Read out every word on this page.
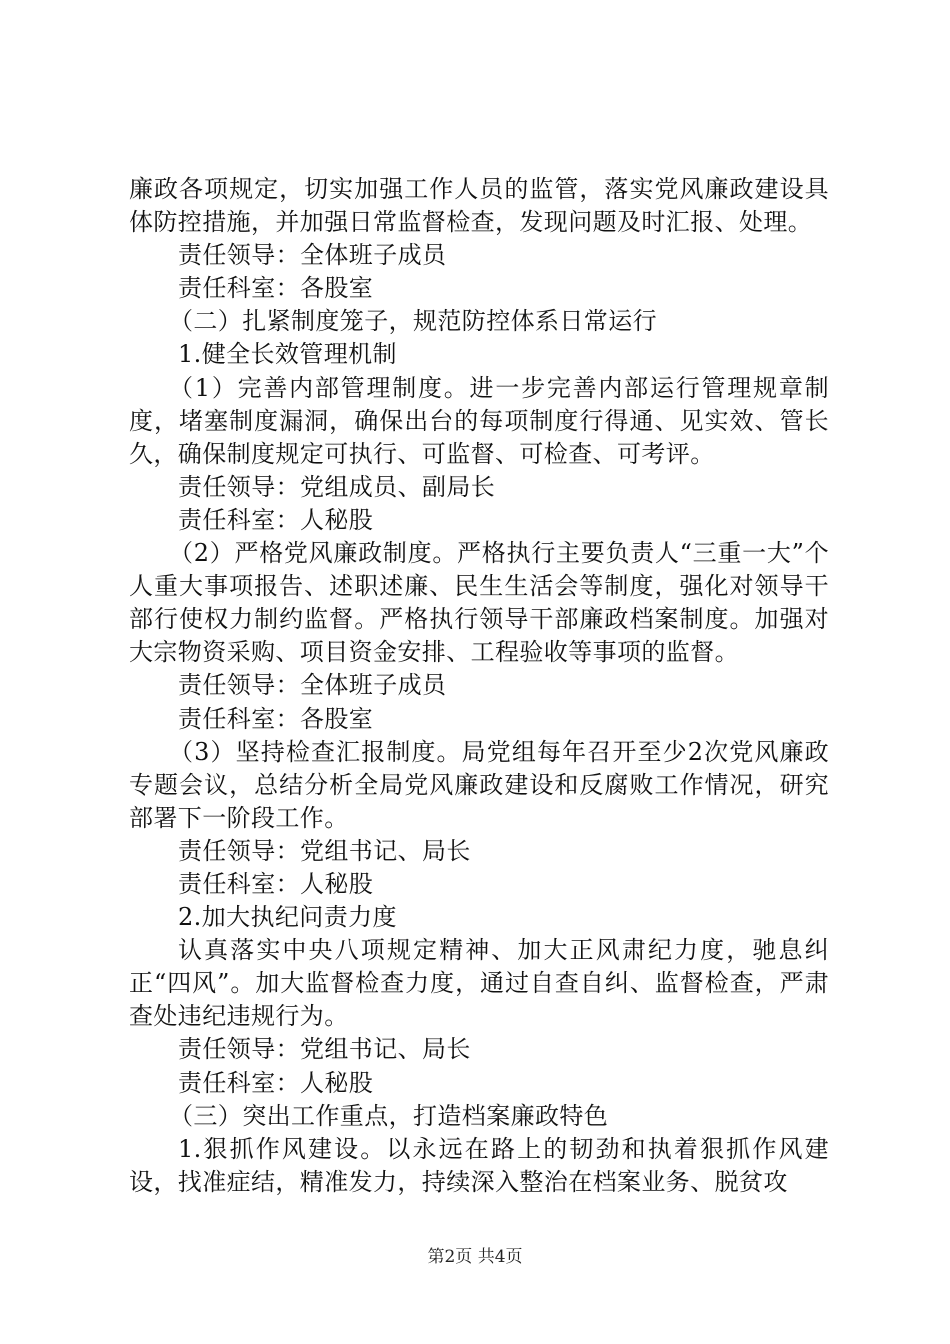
廉政各项规定，切实加强工作人员的监管，落实党风廉政建设具体防控措施，并加强日常监督检查，发现问题及时汇报、处理。

责任领导：全体班子成员

责任科室：各股室

（二）扎紧制度笼子，规范防控体系日常运行

1.健全长效管理机制

（1）完善内部管理制度。进一步完善内部运行管理规章制度，堵塞制度漏洞，确保出台的每项制度行得通、见实效、管长久，确保制度规定可执行、可监督、可检查、可考评。

责任领导：党组成员、副局长

责任科室：人秘股

（2）严格党风廉政制度。严格执行主要负责人“三重一大”个人重大事项报告、述职述廉、民生生活会等制度，强化对领导干部行使权力制约监督。严格执行领导干部廉政档案制度。加强对大宗物资采购、项目资金安排、工程验收等事项的监督。

责任领导：全体班子成员

责任科室：各股室

（3）坚持检查汇报制度。局党组每年召开至少2次党风廉政专题会议，总结分析全局党风廉政建设和反腐败工作情况，研究部署下一阶段工作。

责任领导：党组书记、局长

责任科室：人秘股

2.加大执纪问责力度

认真落实中央八项规定精神、加大正风肃纪力度，驰息纠正“四风”。加大监督检查力度，通过自查自纠、监督检查，严肃查处违纪违规行为。

责任领导：党组书记、局长

责任科室：人秘股

（三）突出工作重点，打造档案廉政特色

1.狠抓作风建设。以永远在路上的韧劲和执着狠抓作风建设，找准症结，精准发力，持续深入整治在档案业务、脱贫攻

第2页 共4页
